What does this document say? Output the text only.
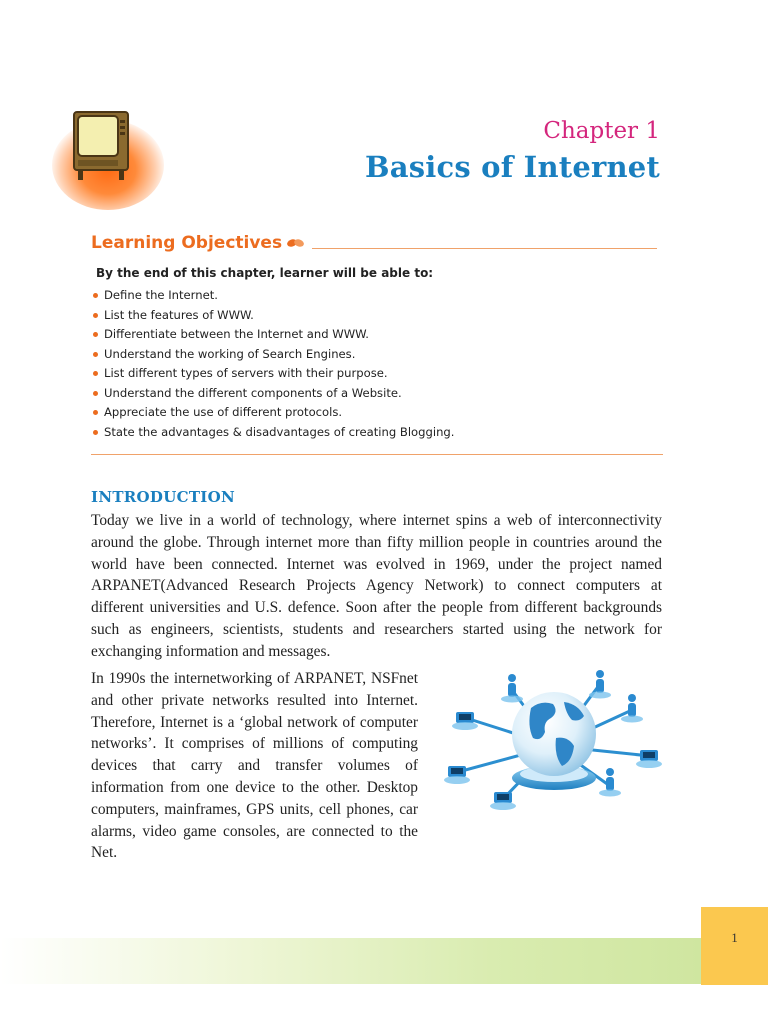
Chapter 1
Basics of Internet
Learning Objectives
By the end of this chapter, learner will be able to:
Define the Internet.
List the features of WWW.
Differentiate between the Internet and WWW.
Understand the working of Search Engines.
List different types of servers with their purpose.
Understand the different components of a Website.
Appreciate the use of different protocols.
State the advantages & disadvantages of creating Blogging.
INTRODUCTION

Today we live in a world of technology, where internet spins a web of interconnectivity around the globe. Through internet more than fifty million people in countries around the world have been connected. Internet was evolved in 1969, under the project named ARPANET(Advanced Research Projects Agency Network) to connect computers at different universities and U.S. defence. Soon after the people from different backgrounds such as engineers, scientists, students and researchers started using the network for exchanging information and messages.

In 1990s the internetworking of ARPANET, NSFnet and other private networks resulted into Internet. Therefore, Internet is a ‘global network of computer networks’. It comprises of millions of computing devices that carry and transfer volumes of information from one device to the other. Desktop computers, mainframes, GPS units, cell phones, car alarms, video game consoles, are connected to the Net.

1
